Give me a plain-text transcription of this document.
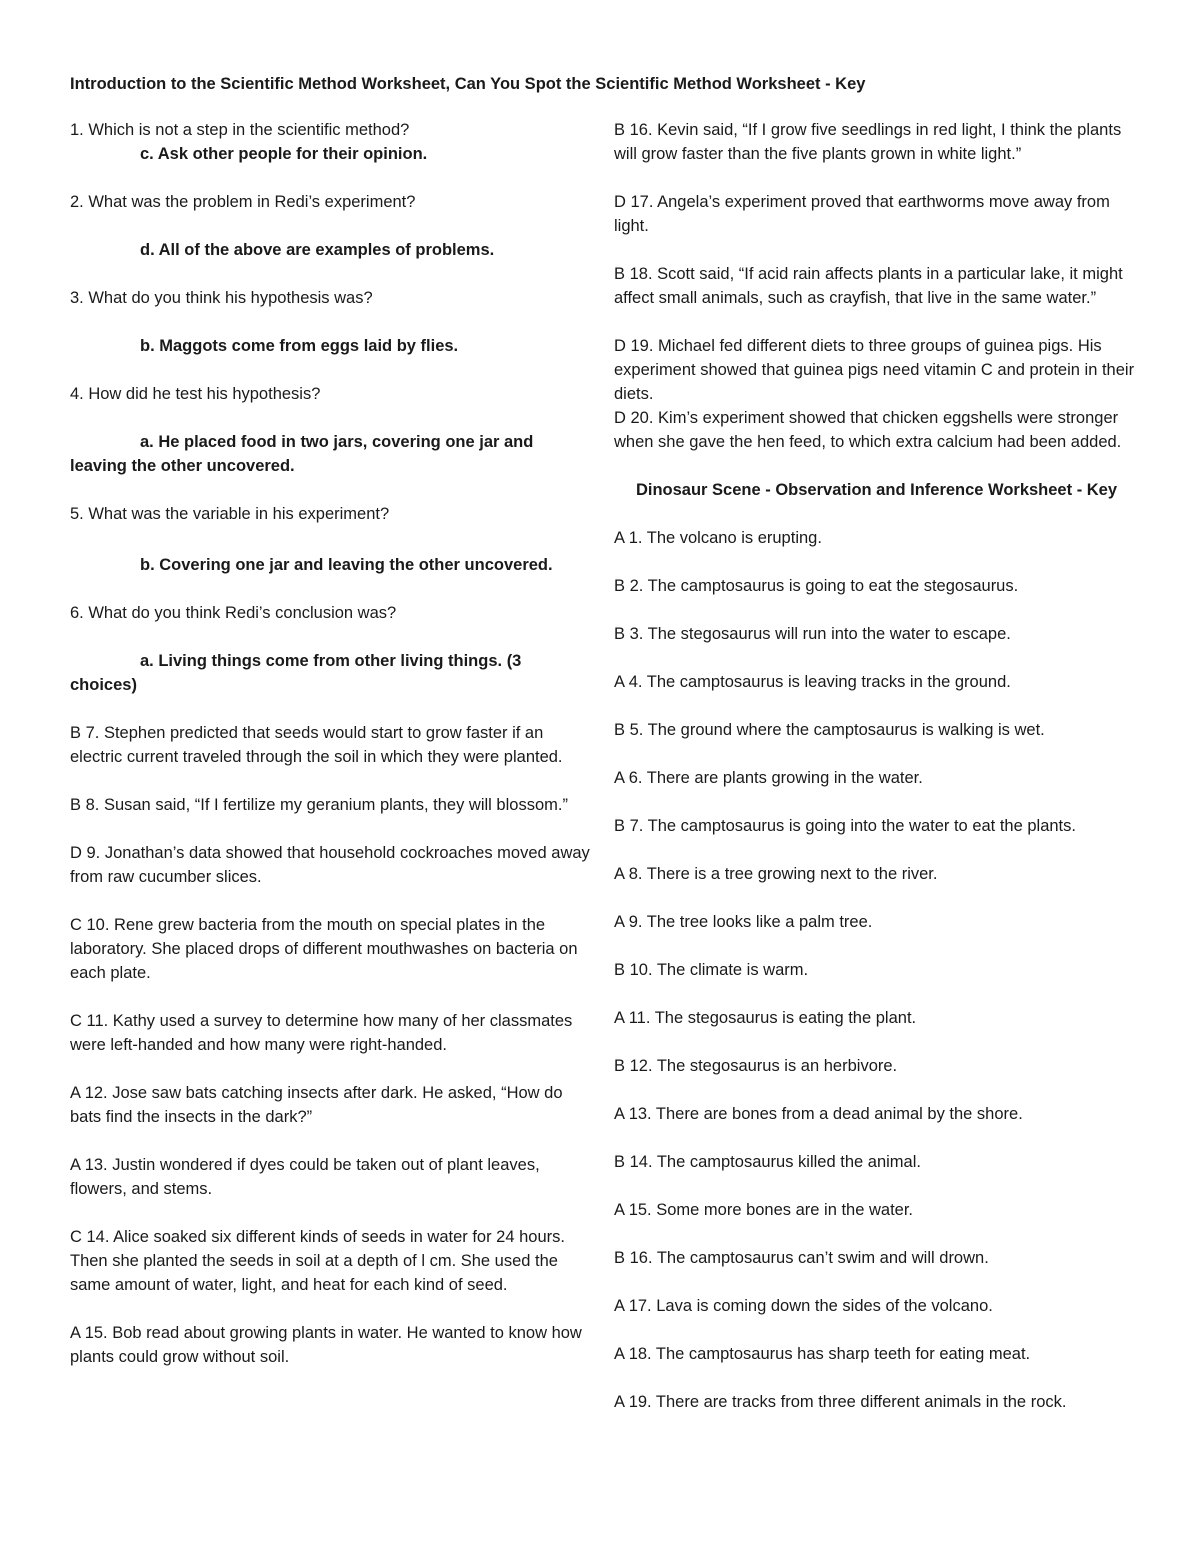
Introduction to the Scientific Method Worksheet, Can You Spot the Scientific Method Worksheet - Key

1. Which is not a step in the scientific method?

c. Ask other people for their opinion.

2. What was the problem in Redi’s experiment?

d. All of the above are examples of problems.

3. What do you think his hypothesis was?

b. Maggots come from eggs laid by flies.

4. How did he test his hypothesis?

a. He placed food in two jars, covering one jar and leaving the other uncovered.

5. What was the variable in his experiment?

b. Covering one jar and leaving the other uncovered.

6. What do you think Redi’s conclusion was?

a. Living things come from other living things. (3 choices)

B 7. Stephen predicted that seeds would start to grow faster if an electric current traveled through the soil in which they were planted.

B 8. Susan said, “If I fertilize my geranium plants, they will blossom.”

D 9. Jonathan’s data showed that household cockroaches moved away from raw cucumber slices.

C 10. Rene grew bacteria from the mouth on special plates in the laboratory. She placed drops of different mouthwashes on bacteria on each plate.

C 11. Kathy used a survey to determine how many of her classmates were left-handed and how many were right-handed.

A 12. Jose saw bats catching insects after dark. He asked, “How do bats find the insects in the dark?”

A 13. Justin wondered if dyes could be taken out of plant leaves, flowers, and stems.

C 14. Alice soaked six different kinds of seeds in water for 24 hours. Then she planted the seeds in soil at a depth of l cm. She used the same amount of water, light, and heat for each kind of seed.

A 15. Bob read about growing plants in water. He wanted to know how plants could grow without soil.

B 16. Kevin said, “If I grow five seedlings in red light, I think the plants will grow faster than the five plants grown in white light.”

D 17. Angela’s experiment proved that earthworms move away from light.

B 18. Scott said, “If acid rain affects plants in a particular lake, it might affect small animals, such as crayfish, that live in the same water.”

D 19. Michael fed different diets to three groups of guinea pigs. His experiment showed that guinea pigs need vitamin C and protein in their diets.

D 20. Kim’s experiment showed that chicken eggshells were stronger when she gave the hen feed, to which extra calcium had been added.

Dinosaur Scene - Observation and Inference Worksheet - Key

A 1. The volcano is erupting.

B 2. The camptosaurus is going to eat the stegosaurus.

B 3. The stegosaurus will run into the water to escape.

A 4. The camptosaurus is leaving tracks in the ground.

B 5. The ground where the camptosaurus is walking is wet.

A 6. There are plants growing in the water.

B 7. The camptosaurus is going into the water to eat the plants.

A 8. There is a tree growing next to the river.

A 9. The tree looks like a palm tree.

B 10. The climate is warm.

A 11. The stegosaurus is eating the plant.

B 12. The stegosaurus is an herbivore.

A 13. There are bones from a dead animal by the shore.

B 14. The camptosaurus killed the animal.

A 15. Some more bones are in the water.

B 16. The camptosaurus can’t swim and will drown.

A 17. Lava is coming down the sides of the volcano.

A 18. The camptosaurus has sharp teeth for eating meat.

A 19. There are tracks from three different animals in the rock.
